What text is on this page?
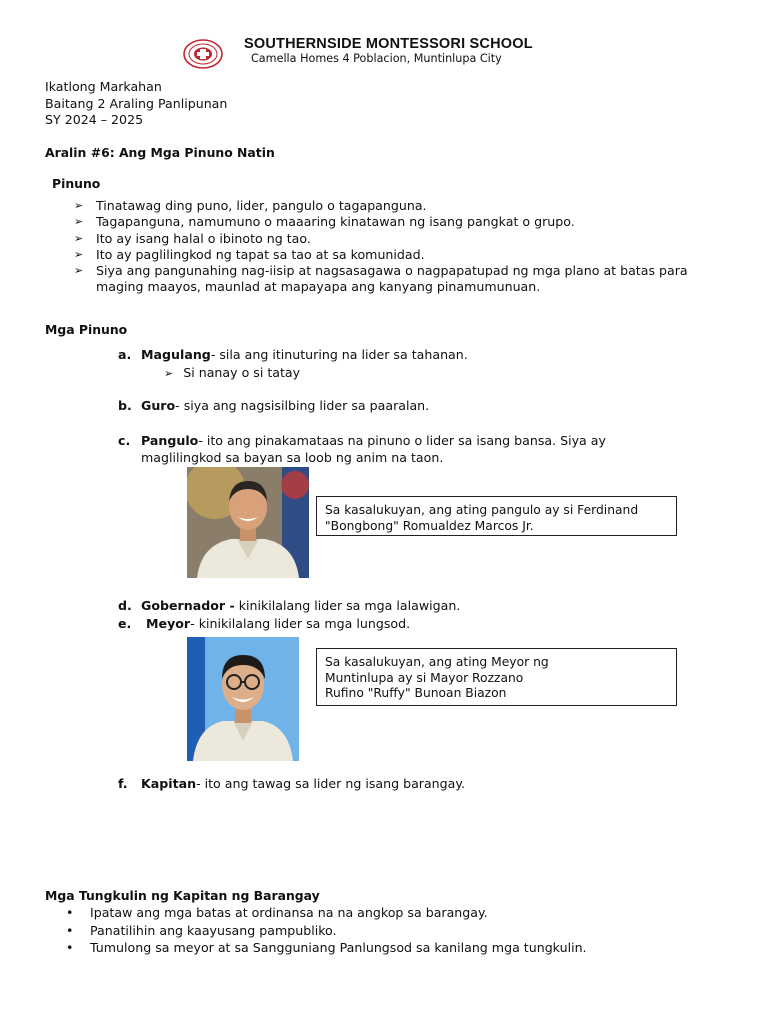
SOUTHERNSIDE MONTESSORI SCHOOL
Camella Homes 4 Poblacion, Muntinlupa City
Ikatlong Markahan
Baitang 2 Araling Panlipunan
SY 2024 – 2025
Aralin #6: Ang Mga Pinuno Natin
Pinuno
➢ Tinatawag ding puno, lider, pangulo o tagapanguna.
➢ Tagapanguna, namumuno o maaaring kinatawan ng isang pangkat o grupo.
➢ Ito ay isang halal o ibinoto ng tao.
➢ Ito ay paglilingkod ng tapat sa tao at sa komunidad.
➢ Siya ang pangunahing nag-iisip at nagsasagawa o nagpapatupad ng mga plano at batas para maging maayos, maunlad at mapayapa ang kanyang pinamumunuan.
Mga Pinuno
a. Magulang- sila ang itinuturing na lider sa tahanan.
➢ Si nanay o si tatay
b. Guro- siya ang nagsisilbing lider sa paaralan.
c. Pangulo- ito ang pinakamataas na pinuno o lider sa isang bansa. Siya ay maglilingkod sa bayan sa loob ng anim na taon.
Sa kasalukuyan, ang ating pangulo ay si Ferdinand "Bongbong" Romualdez Marcos Jr.
d. Gobernador - kinikilalang lider sa mga lalawigan.
e. Meyor- kinikilalang lider sa mga lungsod.
Sa kasalukuyan, ang ating Meyor ng Muntinlupa ay si Mayor Rozzano Rufino "Ruffy" Bunoan Biazon
f. Kapitan- ito ang tawag sa lider ng isang barangay.
Mga Tungkulin ng Kapitan ng Barangay
• Ipataw ang mga batas at ordinansa na na angkop sa barangay.
• Panatilihin ang kaayusang pampubliko.
• Tumulong sa meyor at sa Sangguniang Panlungsod sa kanilang mga tungkulin.
